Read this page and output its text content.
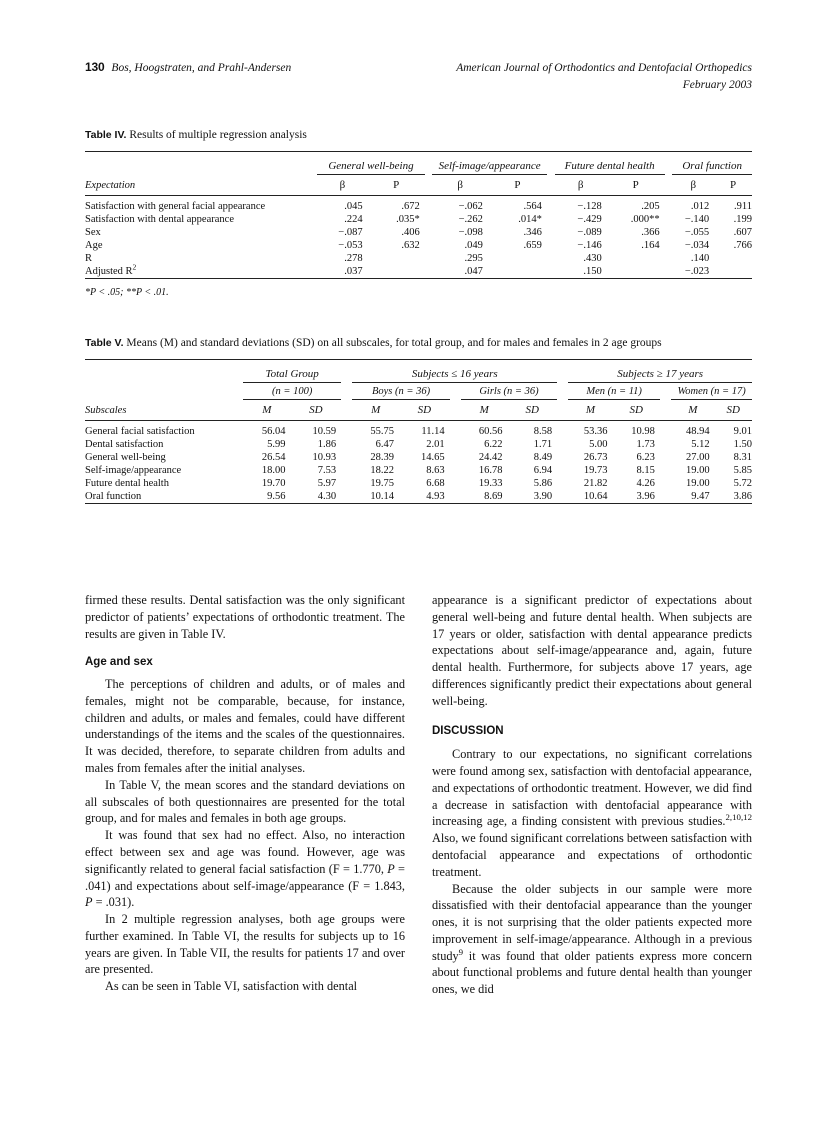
130 Bos, Hoogstraten, and Prahl-Andersen	American Journal of Orthodontics and Dentofacial Orthopedics
February 2003
Table IV. Results of multiple regression analysis

		General well-being			Self-image/appearance			Future dental health			Oral function	
Expectation		β	P		β	P		β	P		β	P

Satisfaction with general facial appearance		.045	.672		−.062	.564		−.128	.205		.012	.911
Satisfaction with dental appearance		.224	.035*		−.262	.014*		−.429	.000**		−.140	.199
Sex		−.087	.406		−.098	.346		−.089	.366		−.055	.607
Age		−.053	.632		.049	.659		−.146	.164		−.034	.766
R		.278			.295			.430			.140	
Adjusted $R^2$		.037			.047			.150			−.023	

*P < .05; **P < .01.
Table V. Means (M) and standard deviations (SD) on all subscales, for total group, and for males and females in 2 age groups

		Total Group			Subjects ≤ 16 years						Subjects ≥ 17 years				
		(n = 100)			Boys (n = 36)			Girls (n = 36)			Men (n = 11)			Women (n = 17)	
Subscales		M	SD		M	SD		M	SD		M	SD		M	SD

General facial satisfaction		56.04	10.59		55.75	11.14		60.56	8.58		53.36	10.98		48.94	9.01
Dental satisfaction		5.99	1.86		6.47	2.01		6.22	1.71		5.00	1.73		5.12	1.50
General well-being		26.54	10.93		28.39	14.65		24.42	8.49		26.73	6.23		27.00	8.31
Self-image/appearance		18.00	7.53		18.22	8.63		16.78	6.94		19.73	8.15		19.00	5.85
Future dental health		19.70	5.97		19.75	6.68		19.33	5.86		21.82	4.26		19.00	5.72
Oral function		9.56	4.30		10.14	4.93		8.69	3.90		10.64	3.96		9.47	3.86

firmed these results. Dental satisfaction was the only significant predictor of patients’ expectations of orthodontic treatment. The results are given in Table IV.

Age and sex

The perceptions of children and adults, or of males and females, might not be comparable, because, for instance, children and adults, or males and females, could have different understandings of the items and the scales of the questionnaires. It was decided, therefore, to separate children from adults and males from females after the initial analyses.

In Table V, the mean scores and the standard deviations on all subscales of both questionnaires are presented for the total group, and for males and females in both age groups.

It was found that sex had no effect. Also, no interaction effect between sex and age was found. However, age was significantly related to general facial satisfaction (F = 1.770, P = .041) and expectations about self-image/appearance (F = 1.843, P = .031).

In 2 multiple regression analyses, both age groups were further examined. In Table VI, the results for subjects up to 16 years are given. In Table VII, the results for patients 17 and over are presented.

As can be seen in Table VI, satisfaction with dental

appearance is a significant predictor of expectations about general well-being and future dental health. When subjects are 17 years or older, satisfaction with dental appearance predicts expectations about self-image/appearance and, again, future dental health. Furthermore, for subjects above 17 years, age differences significantly predict their expectations about general well-being.

DISCUSSION

Contrary to our expectations, no significant correlations were found among sex, satisfaction with dentofacial appearance, and expectations of orthodontic treatment. However, we did find a decrease in satisfaction with dentofacial appearance with increasing age, a finding consistent with previous studies.$^{2,10,12}$ Also, we found significant correlations between satisfaction with dentofacial appearance and expectations of orthodontic treatment.

Because the older subjects in our sample were more dissatisfied with their dentofacial appearance than the younger ones, it is not surprising that the older patients expected more improvement in self-image/appearance. Although in a previous study$^9$ it was found that older patients express more concern about functional problems and future dental health than younger ones, we did
